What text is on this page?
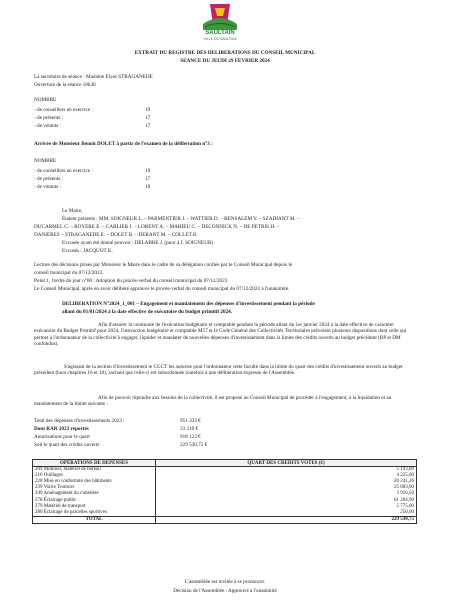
SAULTAIN
VILLE DE SAULTAIN
EXTRAIT DU REGISTRE DES DELIBERATIONS DU CONSEIL MUNICIPAL
SEANCE DU JEUDI 29 FEVRIER 2024
La secrétaire de séance : Madame Elyes STRAGANEDE
Ouverture de la séance 18h30
NOMBRE
- de conseillers en exercice :	19
- de présents :	17
- de votants :	17
Arrivée de Monsieur Benoît DOLET à partir de l'examen de la délibération n°3 :
NOMBRE
- de conseillers en exercice :	19
- de présents :	17
- de votants :	18
Le Maire,
Étaient présents : MM. SOIGNEUR L. – PARMENTIER J. – WATTIER D. – BENSALEM Y. – SZADIANT M. –
DUCARMEL C. – ROYERE E. – CARLIER J. – LORENT A. – MAHIEU C. – DECONNICK N. – DE PETRIS H. –
DANIERES – STRAGANEDE E. – DOLET B. – DERANT M. – COLLET B.
Excusée ayant été donné pouvoir : DELABRE J. (pour à J. SOIGNEUR)
Excusés : JACQUOT K.
Lecture des décisions prises par Monsieur le Maire dans le cadre de sa délégation confiée par le Conseil Municipal depuis le
conseil municipal du 07/12/2023.
Point 1, l'ordre du jour n°00 : Adoption du procès-verbal du conseil municipal du 07/12/2023
Le Conseil Municipal, après en avoir délibéré approuve le procès-verbal du conseil municipal du 07/12/2023 à l'unanimité.
DELIBERATION N°2024_1_001 – Engagement et mandatement des dépenses d'investissement pendant la période
allant du 01/01/2024 à la date effective de exécutoire du budget primitif 2024.
Afin d'assurer la continuité de l'exécution budgétaire et comptable pendant la période allant du 1er janvier 2024 à la date effective de caractère exécutoire du Budget Primitif pour 2024, l'instruction budgétaire et comptable M57 et le Code Général des Collectivités Territoriales prévoient plusieurs dispositions dont celle qui permet à l'ordonnateur de la collectivité à engager, liquider et mandater de nouvelles dépenses d'investissement dans la limite des crédits ouverts au budget précédent (RP et DM confondus).
S'agissant de la section d'investissement le CGCT les autorise pour l'ordonnateur cette faculté dans la limite du quart des crédits d'investissement ouverts au budget précédent (hors chapitres 16 et 18), sachant que celle-ci est subordonnée toutefois à une délibération expresse de l'Assemblée.
Afin de pouvoir répondre aux besoins de la collectivité, il est proposé au Conseil Municipal de procéder à l'engagement, à la liquidation et au mandatement de la limite suivante :
Total des dépenses d'investissements 2023 :	951 333 €
Dont RAR 2023 reportés	33 210 €
Autorisations pour le quart	918 123 €
Soit le quart des crédits ouverts	229 530,75 €
OPERATIONS DE DÉPENSES	QUART DES CREDITS VOTES (€)
209 Mobilier, matériel de bureau	5 193,00
216 Ouillages	4 225,00
228 Mise en conformité des bâtiments	20 241,26
239 Voirie Trottoirs	25 003,00
249 Aménagement du cimetière	3 916,50
278 Éclairage public	61 204,99
279 Matériel de transport	5 775,00
280 Éclairage de parcelles sportives	250,00
TOTAL	229 530,75
L'assemblée est invitée à se prononcer.
Décision de l'Assemblée : Approuvé à l'unanimité
